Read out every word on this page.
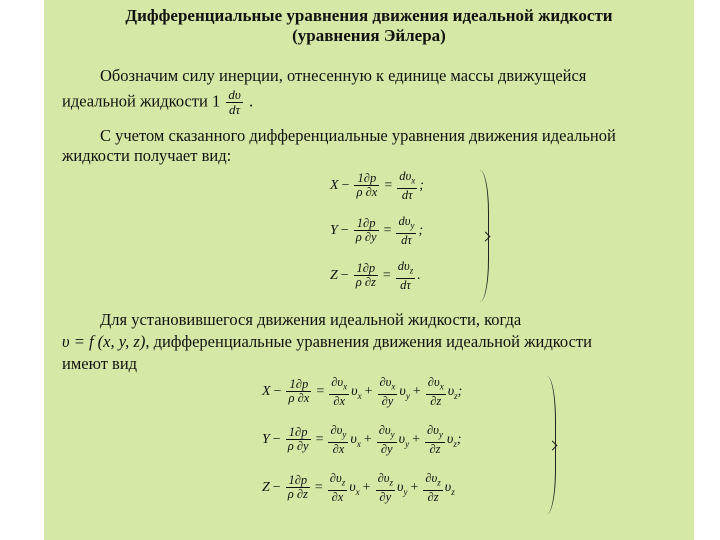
Дифференциальные уравнения движения идеальной жидкости
(уравнения Эйлера)
Обозначим силу инерции, отнесенную к единице массы движущейся
идеальной жидкости $1 \frac{d\upsilon}{d\tau}$ .
С учетом сказанного дифференциальные уравнения движения идеальной
жидкости получает вид:
$X - \frac{1\partial p}{\rho \partial x} = \frac{d\upsilon_x}{d\tau}$ ;
$Y - \frac{1\partial p}{\rho \partial y} = \frac{d\upsilon_y}{d\tau}$ ;
$Z - \frac{1\partial p}{\rho \partial z} = \frac{d\upsilon_z}{d\tau}$ .
Для установившегося движения идеальной жидкости, когда
υ = f (x, y, z), дифференциальные уравнения движения идеальной жидкости
имеют вид
$X - \frac{1\partial p}{\rho \partial x} = \frac{\partial\upsilon_x}{\partial x} \upsilon_x + \frac{\partial\upsilon_x}{\partial y} \upsilon_y + \frac{\partial\upsilon_x}{\partial z} \upsilon_z$;
$Y - \frac{1\partial p}{\rho \partial y} = \frac{\partial\upsilon_y}{\partial x} \upsilon_x + \frac{\partial\upsilon_y}{\partial y} \upsilon_y + \frac{\partial\upsilon_y}{\partial z} \upsilon_z$;
$Z - \frac{1\partial p}{\rho \partial z} = \frac{\partial\upsilon_z}{\partial x} \upsilon_x + \frac{\partial\upsilon_z}{\partial y} \upsilon_y + \frac{\partial\upsilon_z}{\partial z} \upsilon_z$
